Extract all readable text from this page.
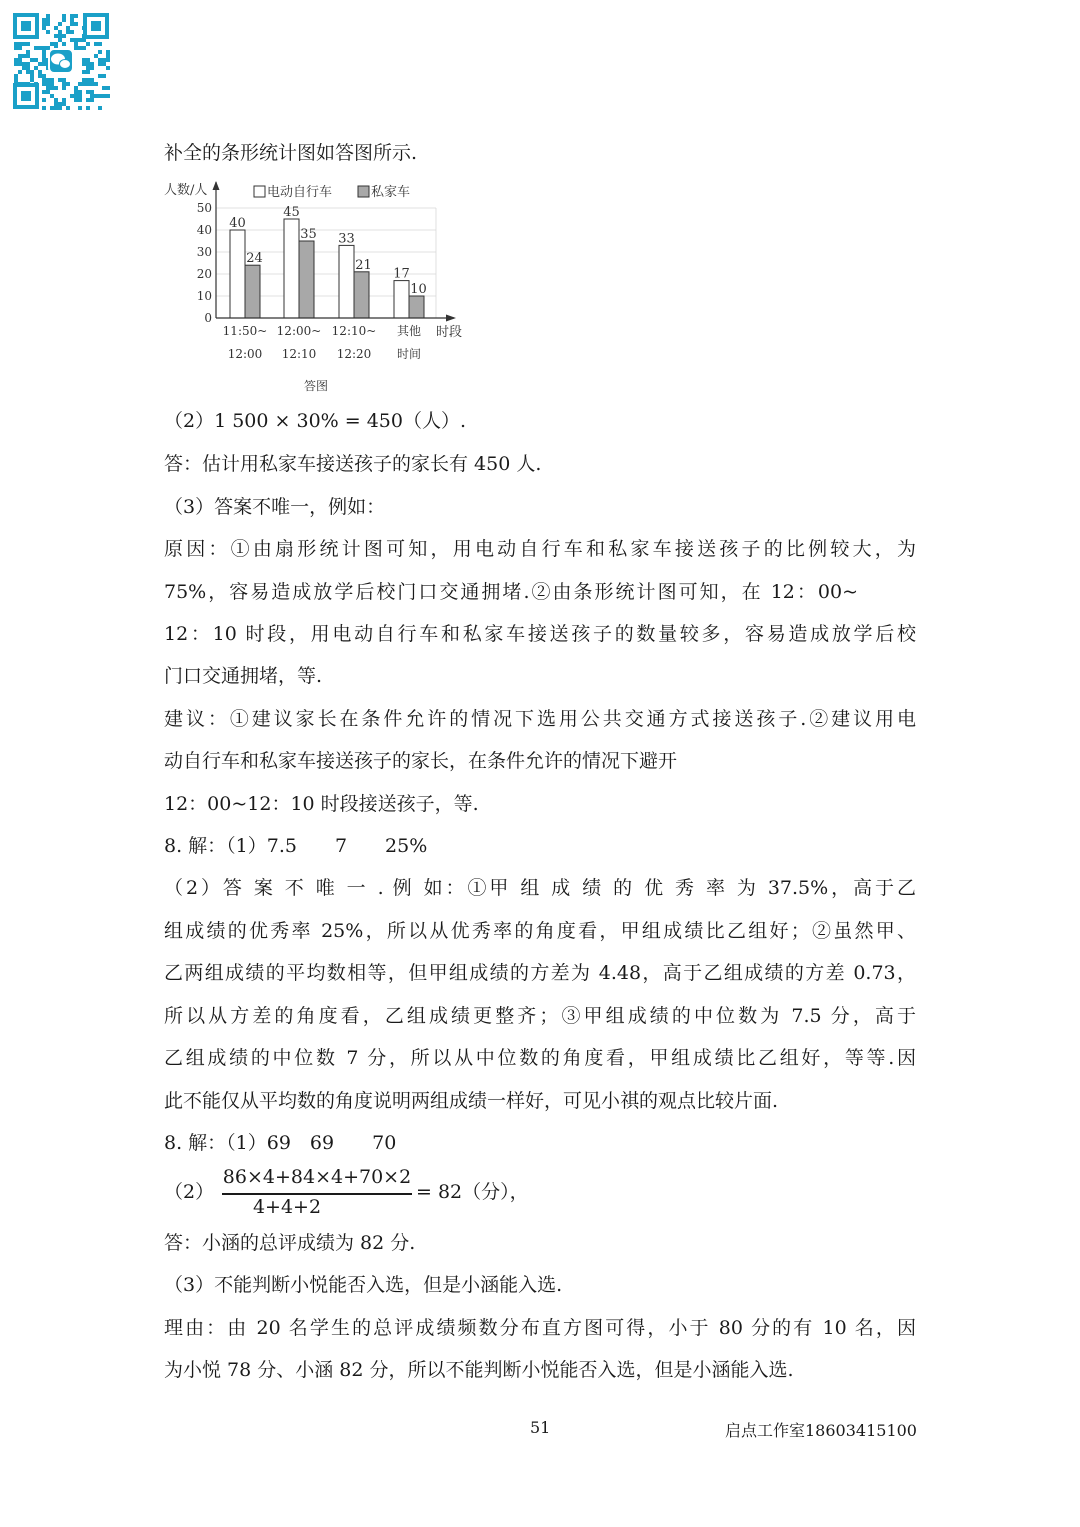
补全的条形统计图如答图所示.
（2）1 500 × 30% = 450（人）.
答：估计用私家车接送孩子的家长有 450 人.
（3）答案不唯一，例如：
原因：①由扇形统计图可知，用电动自行车和私家车接送孩子的比例较大，为
75%，容易造成放学后校门口交通拥堵.②由条形统计图可知，在 12：00~
12：10 时段，用电动自行车和私家车接送孩子的数量较多，容易造成放学后校
门口交通拥堵，等.
建议：①建议家长在条件允许的情况下选用公共交通方式接送孩子.②建议用电
动自行车和私家车接送孩子的家长，在条件允许的情况下避开
12：00~12：10 时段接送孩子，等.
8. 解：（1）7.5　　7　　25%
（2）答 案 不 唯 一 . 例 如：①甲 组 成 绩 的 优 秀 率 为 37.5%，高于乙
组成绩的优秀率 25%，所以从优秀率的角度看，甲组成绩比乙组好；②虽然甲、
乙两组成绩的平均数相等，但甲组成绩的方差为 4.48，高于乙组成绩的方差 0.73，
所以从方差的角度看，乙组成绩更整齐；③甲组成绩的中位数为 7.5 分，高于
乙组成绩的中位数 7 分，所以从中位数的角度看，甲组成绩比乙组好，等等.因
此不能仅从平均数的角度说明两组成绩一样好，可见小祺的观点比较片面.
8. 解：（1）69　69　　70
（2）	= 82（分），
答：小涵的总评成绩为 82 分.
（3）不能判断小悦能否入选，但是小涵能入选.
理由：由 20 名学生的总评成绩频数分布直方图可得，小于 80 分的有 10 名，因
为小悦 78 分、小涵 82 分，所以不能判断小悦能否入选，但是小涵能入选.
86×4+84×4+70×2
4+4+2
0
10
20
30
40
50
人数/人
时段
答图
40
24
11:50~
12:00
45
35
12:00~
12:10
33
21
12:10~
12:20
17
10
其他
时间
电动自行车	私家车
51	启点工作室18603415100
